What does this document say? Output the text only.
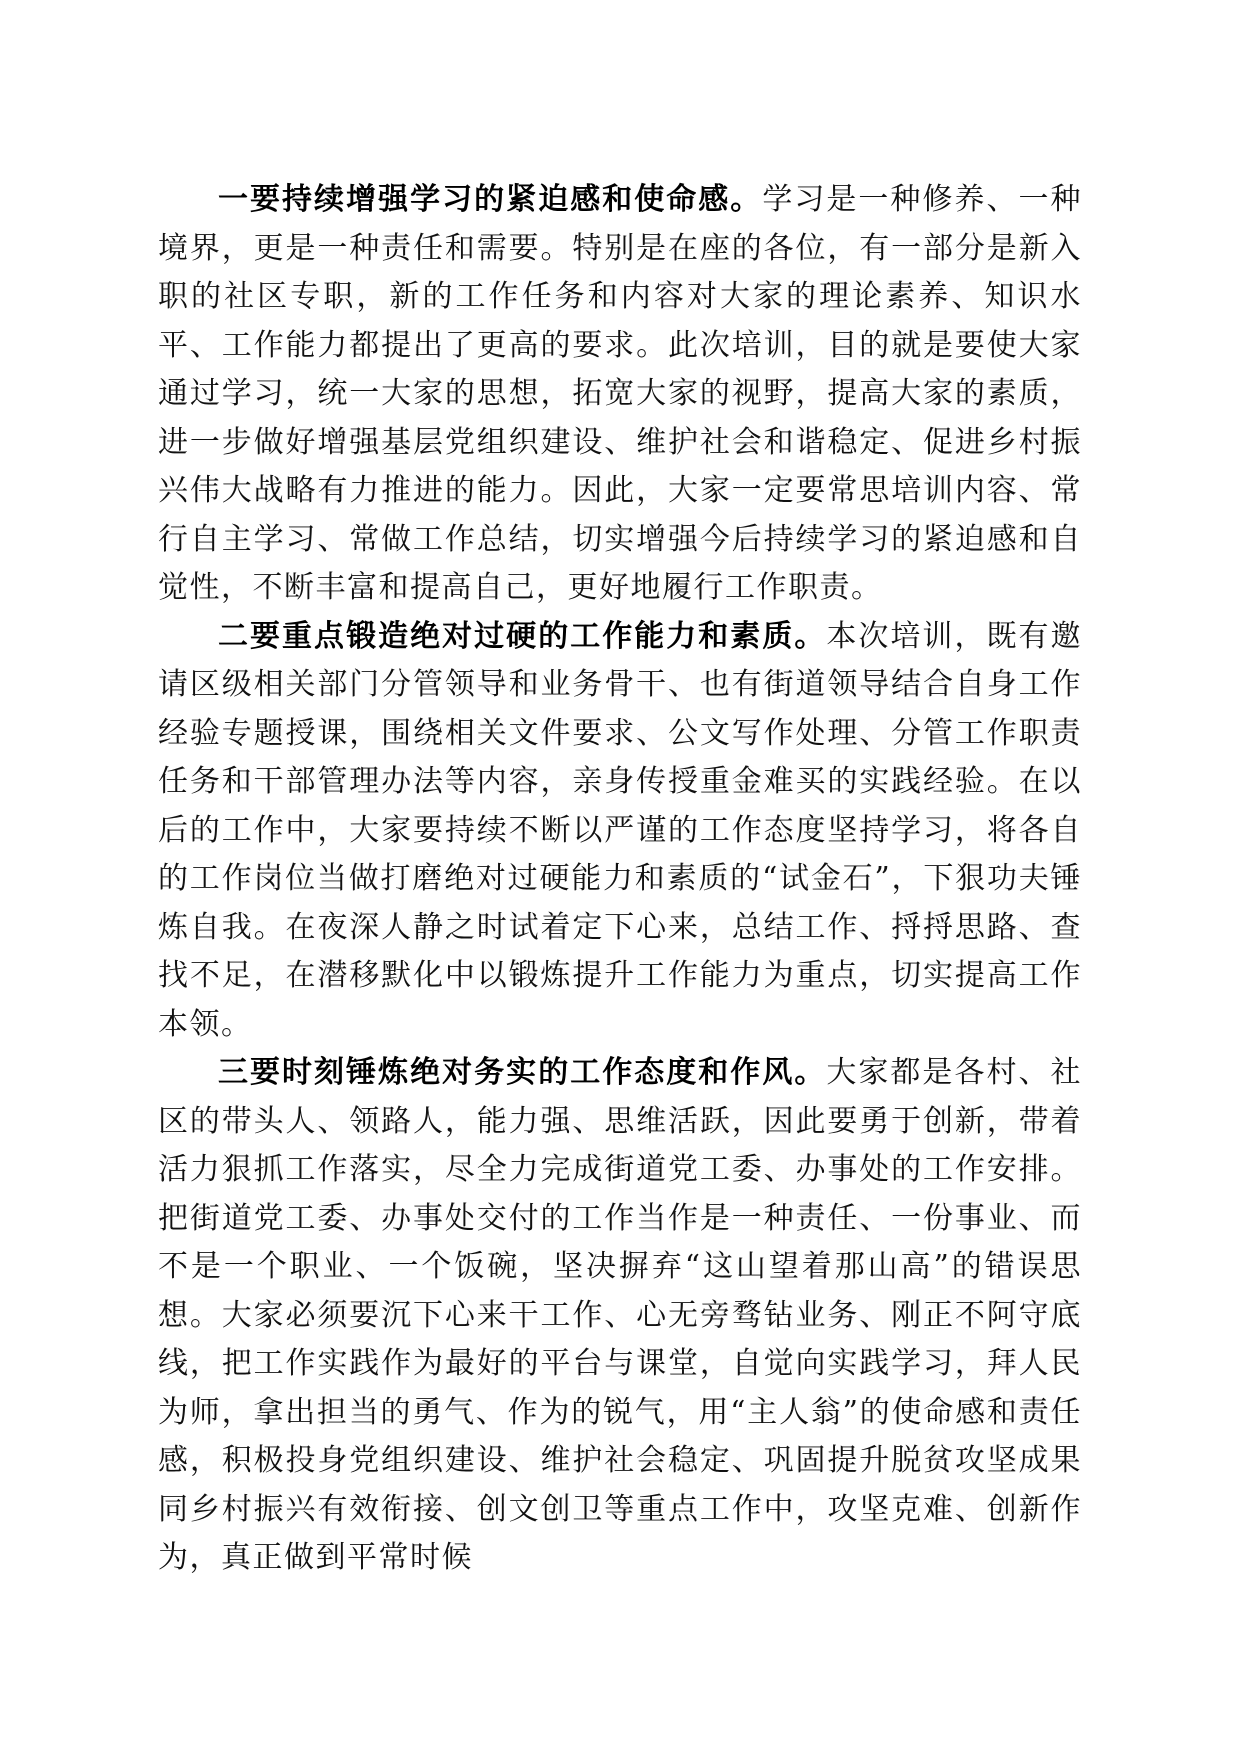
一要持续增强学习的紧迫感和使命感。学习是一种修养、一种境界，更是一种责任和需要。特别是在座的各位，有一部分是新入职的社区专职，新的工作任务和内容对大家的理论素养、知识水平、工作能力都提出了更高的要求。此次培训，目的就是要使大家通过学习，统一大家的思想，拓宽大家的视野，提高大家的素质，进一步做好增强基层党组织建设、维护社会和谐稳定、促进乡村振兴伟大战略有力推进的能力。因此，大家一定要常思培训内容、常行自主学习、常做工作总结，切实增强今后持续学习的紧迫感和自觉性，不断丰富和提高自己，更好地履行工作职责。

二要重点锻造绝对过硬的工作能力和素质。本次培训，既有邀请区级相关部门分管领导和业务骨干、也有街道领导结合自身工作经验专题授课，围绕相关文件要求、公文写作处理、分管工作职责任务和干部管理办法等内容，亲身传授重金难买的实践经验。在以后的工作中，大家要持续不断以严谨的工作态度坚持学习，将各自的工作岗位当做打磨绝对过硬能力和素质的“试金石”，下狠功夫锤炼自我。在夜深人静之时试着定下心来，总结工作、捋捋思路、查找不足，在潜移默化中以锻炼提升工作能力为重点，切实提高工作本领。

三要时刻锤炼绝对务实的工作态度和作风。大家都是各村、社区的带头人、领路人，能力强、思维活跃，因此要勇于创新，带着活力狠抓工作落实，尽全力完成街道党工委、办事处的工作安排。把街道党工委、办事处交付的工作当作是一种责任、一份事业、而不是一个职业、一个饭碗，坚决摒弃“这山望着那山高”的错误思想。大家必须要沉下心来干工作、心无旁骛钻业务、刚正不阿守底线，把工作实践作为最好的平台与课堂，自觉向实践学习，拜人民为师，拿出担当的勇气、作为的锐气，用“主人翁”的使命感和责任感，积极投身党组织建设、维护社会稳定、巩固提升脱贫攻坚成果同乡村振兴有效衔接、创文创卫等重点工作中，攻坚克难、创新作为，真正做到平常时候
